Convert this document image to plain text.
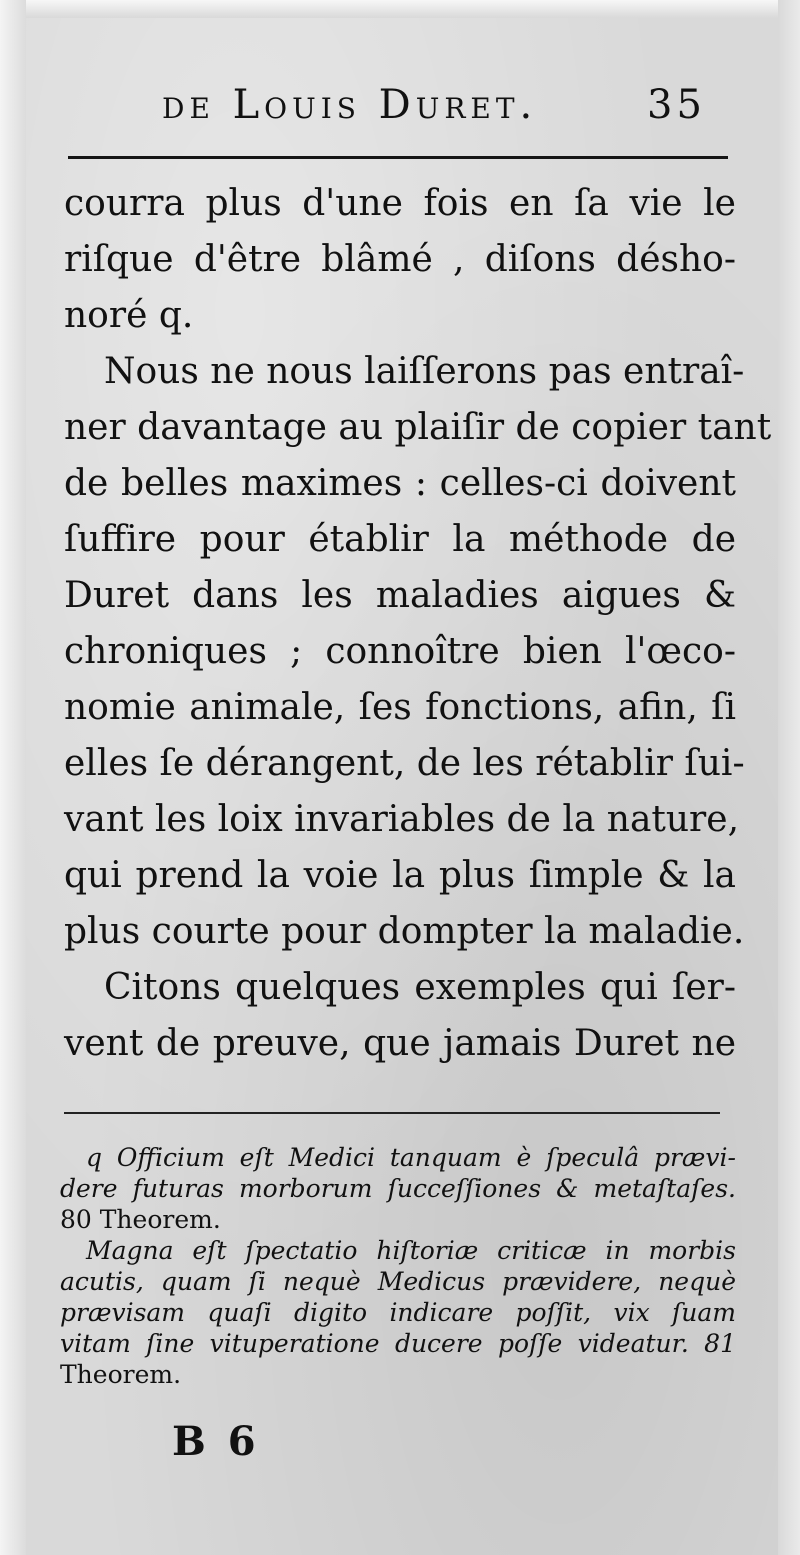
de Louis Duret.	35
courra plus d'une fois en ſa vie le
riſque d'être blâmé , diſons désho-
noré q.
Nous ne nous laiſſerons pas entraî-
ner davantage au plaiſir de copier tant
de belles maximes : celles-ci doivent
ſuffire pour établir la méthode de
Duret dans les maladies aigues &
chroniques ; connoître bien l'œco-
nomie animale, ſes fonctions, afin, ſi
elles ſe dérangent, de les rétablir ſui-
vant les loix invariables de la nature,
qui prend la voie la plus ſimple & la
plus courte pour dompter la maladie.
Citons quelques exemples qui ſer-
vent de preuve, que jamais Duret ne
q Officium eſt Medici tanquam è ſpeculâ prævi-
dere futuras morborum ſucceſſiones & metaſtaſes.
80 Theorem.
Magna eſt ſpectatio hiſtoriæ criticæ in morbis
acutis, quam ſi nequè Medicus prævidere, nequè
prævisam quaſi digito indicare poſſit, vix ſuam
vitam ſine vituperatione ducere poſſe videatur. 81
Theorem.
B 6
